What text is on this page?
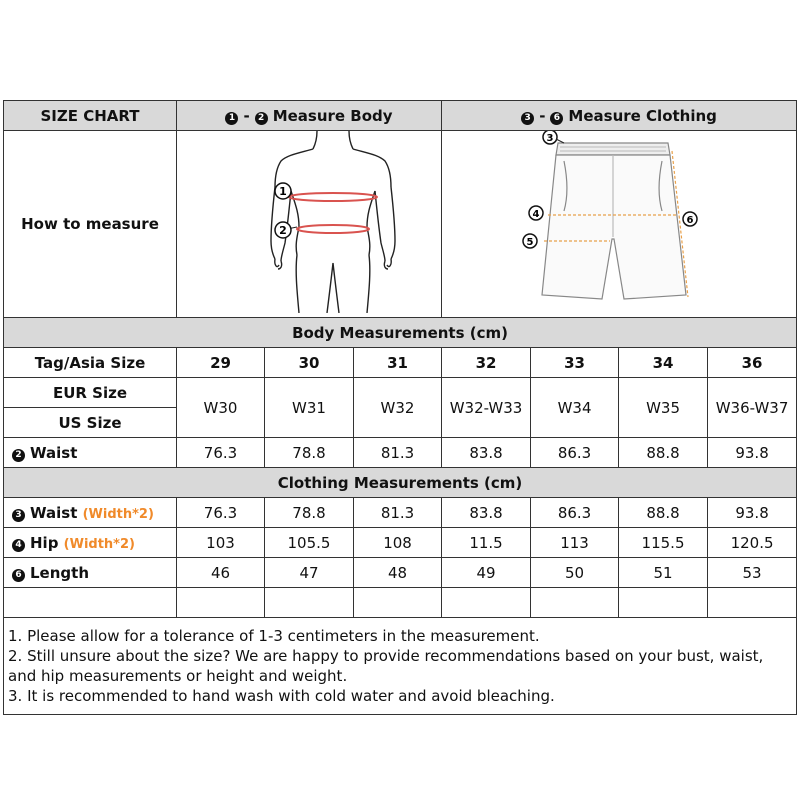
SIZE CHART	1 - 2 Measure Body			3 - 6 Measure Clothing			
How to measure	1
2			3
4
5
6			

Body Measurements (cm)							
Tag/Asia Size	29	30	31	32	33	34	36
EUR Size	W30	W31	W32	W32-W33	W34	W35	W36-W37
US Size							
2 Waist	76.3	78.8	81.3	83.8	86.3	88.8	93.8
Clothing Measurements (cm)							
3 Waist (Width*2)	76.3	78.8	81.3	83.8	86.3	88.8	93.8
4 Hip (Width*2)	103	105.5	108	11.5	113	115.5	120.5
6 Length	46	47	48	49	50	51	53

1. Please allow for a tolerance of 1-3 centimeters in the measurement.
2. Still unsure about the size? We are happy to provide recommendations based on your bust, waist, and hip measurements or height and weight.
3. It is recommended to hand wash with cold water and avoid bleaching.							
